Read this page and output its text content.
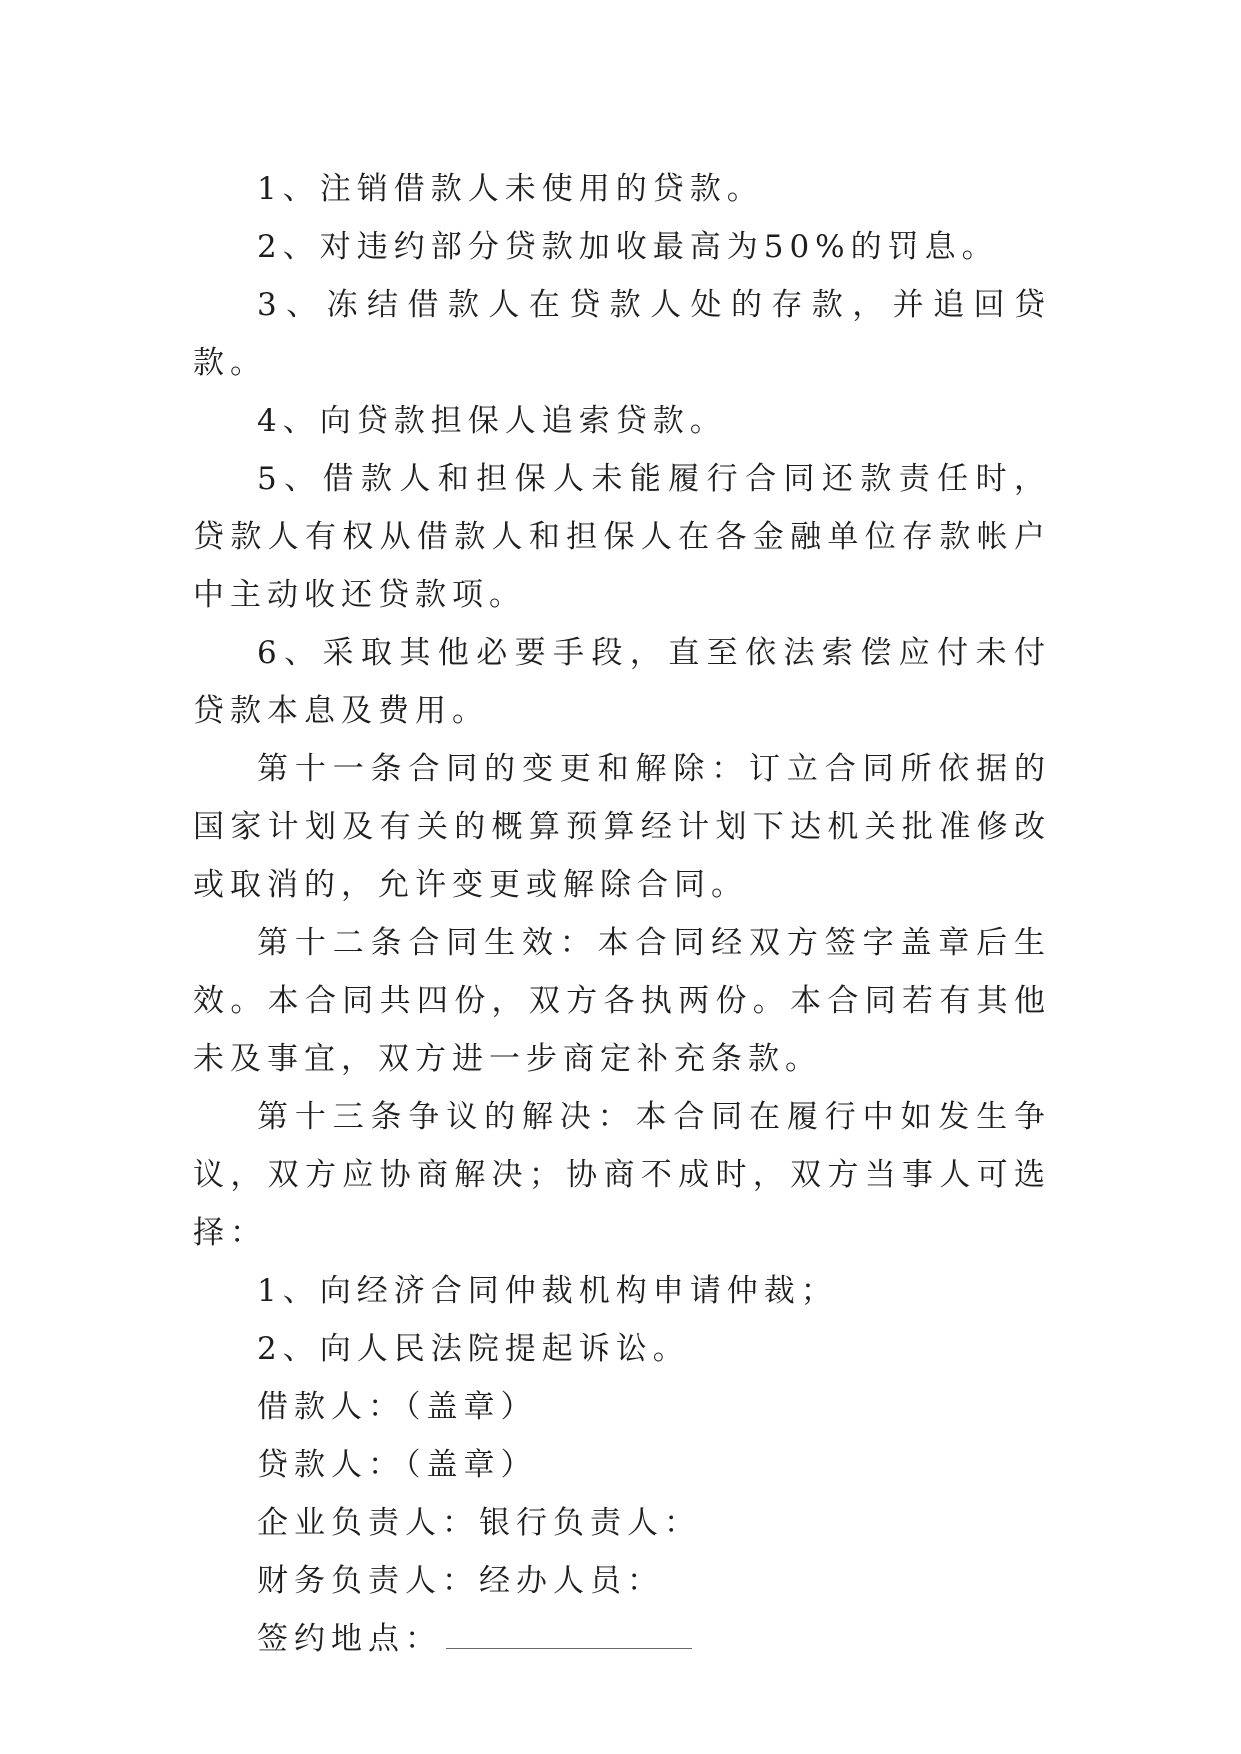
1、注销借款人未使用的贷款。

2、对违约部分贷款加收最高为50%的罚息。

3、冻结借款人在贷款人处的存款，并追回贷款。

4、向贷款担保人追索贷款。

5、借款人和担保人未能履行合同还款责任时，贷款人有权从借款人和担保人在各金融单位存款帐户中主动收还贷款项。

6、采取其他必要手段，直至依法索偿应付未付贷款本息及费用。

第十一条合同的变更和解除：订立合同所依据的国家计划及有关的概算预算经计划下达机关批准修改或取消的，允许变更或解除合同。

第十二条合同生效：本合同经双方签字盖章后生效。本合同共四份，双方各执两份。本合同若有其他未及事宜，双方进一步商定补充条款。

第十三条争议的解决：本合同在履行中如发生争议，双方应协商解决；协商不成时，双方当事人可选择：

1、向经济合同仲裁机构申请仲裁；

2、向人民法院提起诉讼。

借款人：（盖章）

贷款人：（盖章）

企业负责人：银行负责人：

财务负责人：经办人员：

签约地点：
